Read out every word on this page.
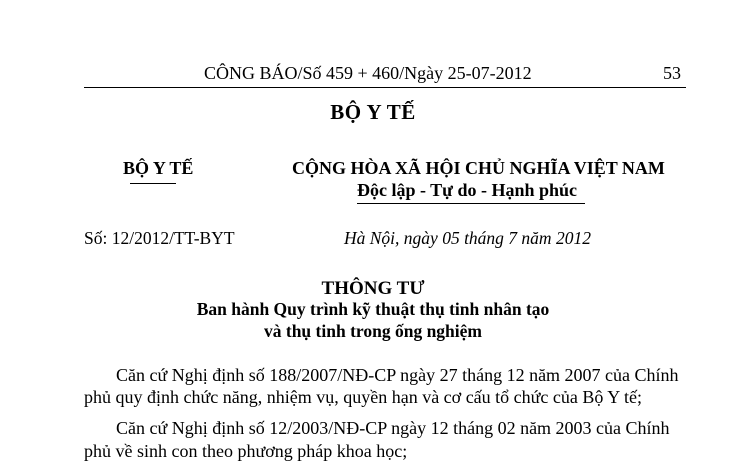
CÔNG BÁO/Số 459 + 460/Ngày 25-07-2012	53
BỘ Y TẾ
BỘ Y TẾ	CỘNG HÒA XÃ HỘI CHỦ NGHĨA VIỆT NAM
Độc lập - Tự do - Hạnh phúc
Số: 12/2012/TT-BYT	Hà Nội, ngày 05 tháng 7 năm 2012
THÔNG TƯ
Ban hành Quy trình kỹ thuật thụ tinh nhân tạo
và thụ tinh trong ống nghiệm
Căn cứ Nghị định số 188/2007/NĐ-CP ngày 27 tháng 12 năm 2007 của Chính
phủ quy định chức năng, nhiệm vụ, quyền hạn và cơ cấu tổ chức của Bộ Y tế;
Căn cứ Nghị định số 12/2003/NĐ-CP ngày 12 tháng 02 năm 2003 của Chính
phủ về sinh con theo phương pháp khoa học;
